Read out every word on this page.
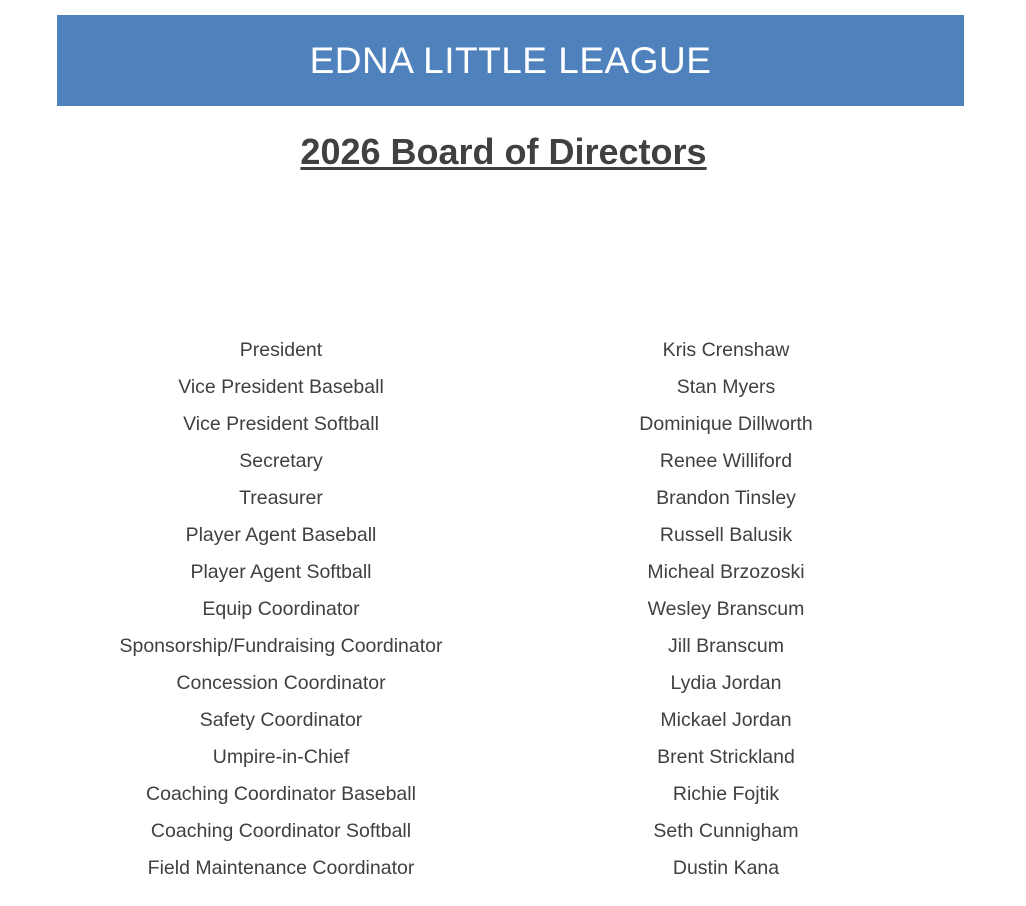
EDNA LITTLE LEAGUE
2026 Board of Directors
President	Kris Crenshaw
Vice President Baseball	Stan Myers
Vice President Softball	Dominique Dillworth
Secretary	Renee Williford
Treasurer	Brandon Tinsley
Player Agent Baseball	Russell Balusik
Player Agent Softball	Micheal Brzozoski
Equip Coordinator	Wesley Branscum
Sponsorship/Fundraising Coordinator	Jill Branscum
Concession Coordinator	Lydia Jordan
Safety Coordinator	Mickael Jordan
Umpire-in-Chief	Brent Strickland
Coaching Coordinator Baseball	Richie Fojtik
Coaching Coordinator Softball	Seth Cunnigham
Field Maintenance Coordinator	Dustin Kana
